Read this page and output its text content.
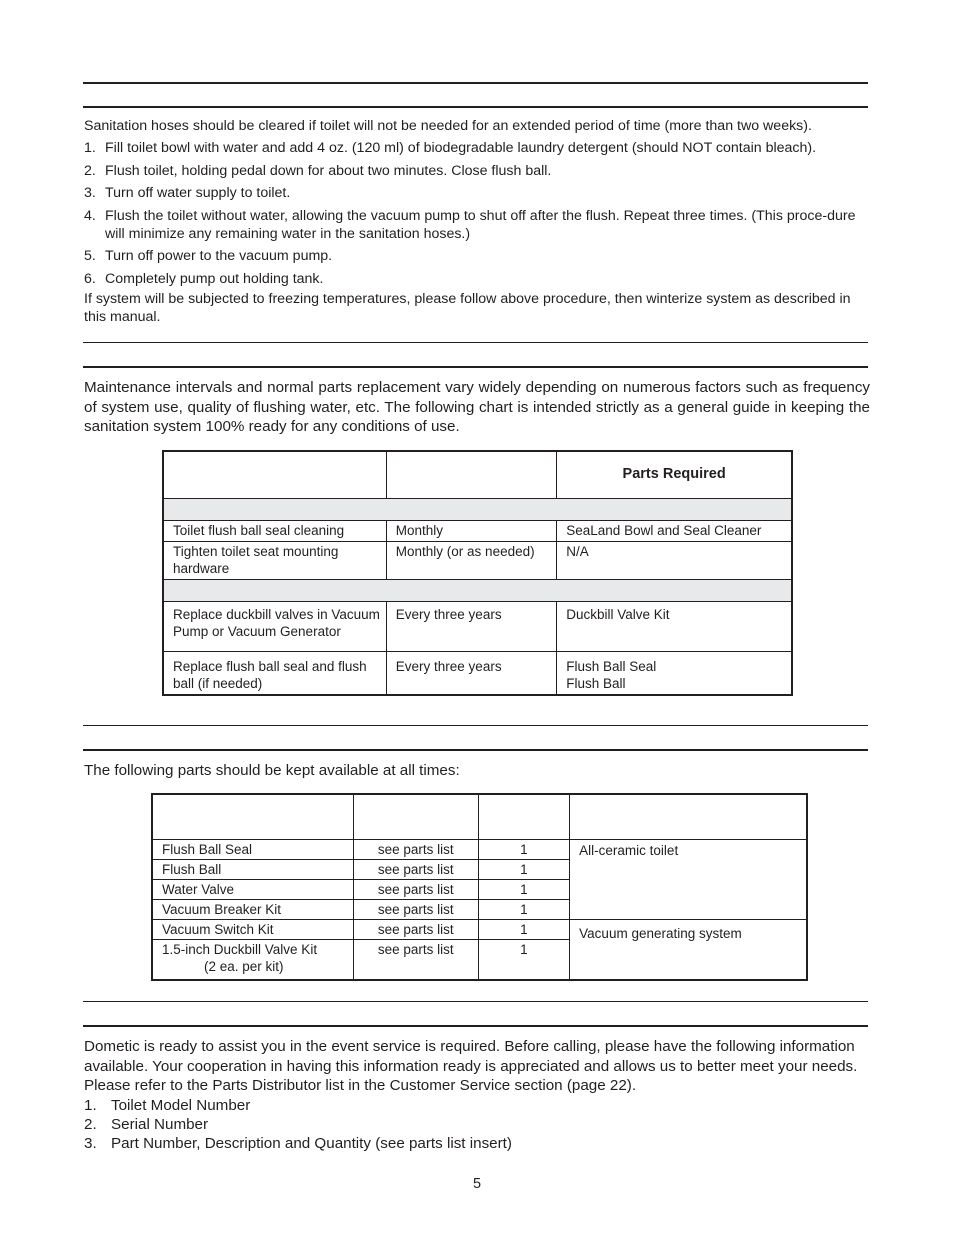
Sanitation hoses should be cleared if toilet will not be needed for an extended period of time (more than two weeks).
1. Fill toilet bowl with water and add 4 oz. (120 ml) of biodegradable laundry detergent (should NOT contain bleach).
2. Flush toilet, holding pedal down for about two minutes. Close flush ball.
3. Turn off water supply to toilet.
4. Flush the toilet without water, allowing the vacuum pump to shut off after the flush. Repeat three times. (This proce-dure will minimize any remaining water in the sanitation hoses.)
5. Turn off power to the vacuum pump.
6. Completely pump out holding tank.
If system will be subjected to freezing temperatures, please follow above procedure, then winterize system as described in this manual.
Maintenance intervals and normal parts replacement vary widely depending on numerous factors such as frequency of system use, quality of flushing water, etc. The following chart is intended strictly as a general guide in keeping the sanitation system 100% ready for any conditions of use.
		Parts Required

Toilet flush ball seal cleaning	Monthly	SeaLand Bowl and Seal Cleaner
Tighten toilet seat mounting hardware	Monthly (or as needed)	N/A

Replace duckbill valves in Vacuum Pump or Vacuum Generator	Every three years	Duckbill Valve Kit
Replace flush ball seal and flush ball (if needed)	Every three years	Flush Ball Seal
Flush Ball
The following parts should be kept available at all times:

Flush Ball Seal	see parts list	1	All-ceramic toilet
Flush Ball	see parts list	1	
Water Valve	see parts list	1	
Vacuum Breaker Kit	see parts list	1	
Vacuum Switch Kit	see parts list	1	Vacuum generating system

1.5-inch Duckbill Valve Kit
(2 ea. per kit)	see parts list	1	
Dometic is ready to assist you in the event service is required. Before calling, please have the following information available. Your cooperation in having this information ready is appreciated and allows us to better meet your needs. Please refer to the Parts Distributor list in the Customer Service section (page 22).
1. Toilet Model Number
2. Serial Number
3. Part Number, Description and Quantity (see parts list insert)
5
